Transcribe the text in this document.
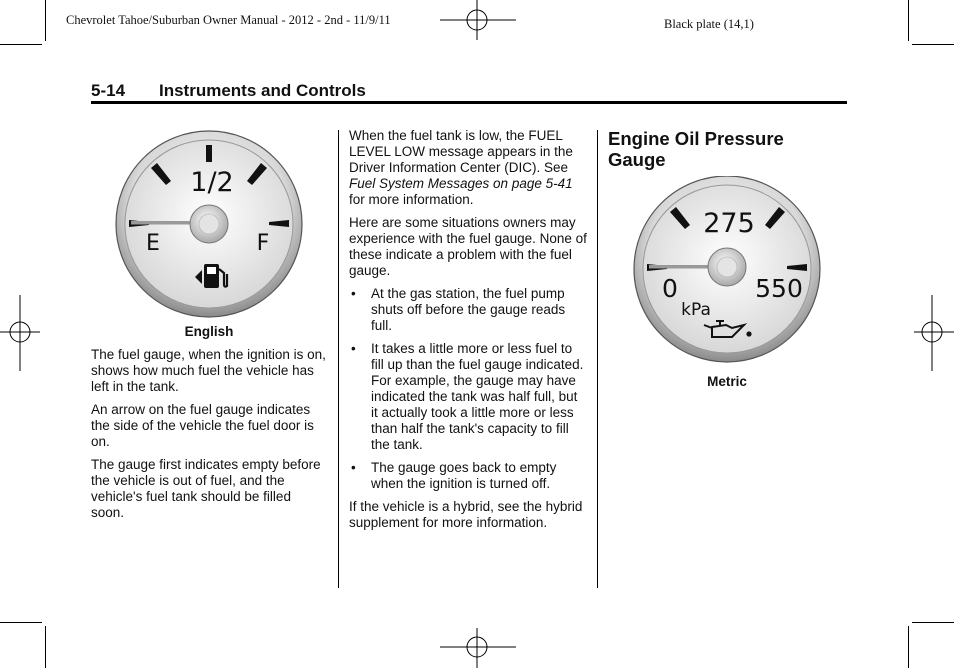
Chevrolet Tahoe/Suburban Owner Manual - 2012 - 2nd - 11/9/11	Black plate (14,1)
5-14 Instruments and Controls
1/2
E	F
English

The fuel gauge, when the ignition is on, shows how much fuel the vehicle has left in the tank.

An arrow on the fuel gauge indicates the side of the vehicle the fuel door is on.

The gauge first indicates empty before the vehicle is out of fuel, and the vehicle's fuel tank should be filled soon.

When the fuel tank is low, the FUEL LEVEL LOW message appears in the Driver Information Center (DIC). See Fuel System Messages on page 5-41 for more information.

Here are some situations owners may experience with the fuel gauge. None of these indicate a problem with the fuel gauge.

• At the gas station, the fuel pump shuts off before the gauge reads full.
• It takes a little more or less fuel to fill up than the fuel gauge indicated. For example, the gauge may have indicated the tank was half full, but it actually took a little more or less than half the tank's capacity to fill the tank.
• The gauge goes back to empty when the ignition is turned off.

If the vehicle is a hybrid, see the hybrid supplement for more information.

Engine Oil Pressure Gauge
275
0	550
kPa
Metric
